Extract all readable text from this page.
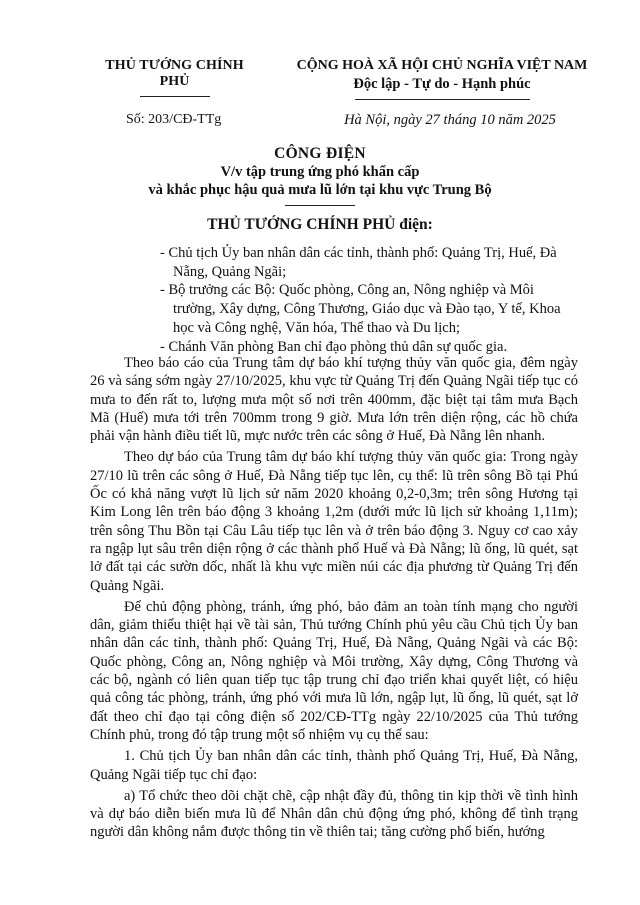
THỦ TƯỚNG CHÍNH PHỦ
CỘNG HOÀ XÃ HỘI CHỦ NGHĨA VIỆT NAM
Độc lập - Tự do - Hạnh phúc
Số: 203/CĐ-TTg	Hà Nội, ngày 27 tháng 10 năm 2025
CÔNG ĐIỆN
V/v tập trung ứng phó khẩn cấp
và khắc phục hậu quả mưa lũ lớn tại khu vực Trung Bộ
THỦ TƯỚNG CHÍNH PHỦ điện:

- Chủ tịch Ủy ban nhân dân các tỉnh, thành phố: Quảng Trị, Huế, Đà Nẵng, Quảng Ngãi;

- Bộ trưởng các Bộ: Quốc phòng, Công an, Nông nghiệp và Môi trường, Xây dựng, Công Thương, Giáo dục và Đào tạo, Y tế, Khoa học và Công nghệ, Văn hóa, Thể thao và Du lịch;

- Chánh Văn phòng Ban chỉ đạo phòng thủ dân sự quốc gia.

Theo báo cáo của Trung tâm dự báo khí tượng thủy văn quốc gia, đêm ngày 26 và sáng sớm ngày 27/10/2025, khu vực từ Quảng Trị đến Quảng Ngãi tiếp tục có mưa to đến rất to, lượng mưa một số nơi trên 400mm, đặc biệt tại tâm mưa Bạch Mã (Huế) mưa tới trên 700mm trong 9 giờ. Mưa lớn trên diện rộng, các hồ chứa phải vận hành điều tiết lũ, mực nước trên các sông ở Huế, Đà Nẵng lên nhanh.

Theo dự báo của Trung tâm dự báo khí tượng thủy văn quốc gia: Trong ngày 27/10 lũ trên các sông ở Huế, Đà Nẵng tiếp tục lên, cụ thể: lũ trên sông Bồ tại Phú Ốc có khả năng vượt lũ lịch sử năm 2020 khoảng 0,2-0,3m; trên sông Hương tại Kim Long lên trên báo động 3 khoảng 1,2m (dưới mức lũ lịch sử khoảng 1,11m); trên sông Thu Bồn tại Câu Lâu tiếp tục lên và ở trên báo động 3. Nguy cơ cao xảy ra ngập lụt sâu trên diện rộng ở các thành phố Huế và Đà Nẵng; lũ ống, lũ quét, sạt lở đất tại các sườn dốc, nhất là khu vực miền núi các địa phương từ Quảng Trị đến Quảng Ngãi.

Để chủ động phòng, tránh, ứng phó, bảo đảm an toàn tính mạng cho người dân, giảm thiểu thiệt hại về tài sản, Thủ tướng Chính phủ yêu cầu Chủ tịch Ủy ban nhân dân các tỉnh, thành phố: Quảng Trị, Huế, Đà Nẵng, Quảng Ngãi và các Bộ: Quốc phòng, Công an, Nông nghiệp và Môi trường, Xây dựng, Công Thương và các bộ, ngành có liên quan tiếp tục tập trung chỉ đạo triển khai quyết liệt, có hiệu quả công tác phòng, tránh, ứng phó với mưa lũ lớn, ngập lụt, lũ ống, lũ quét, sạt lở đất theo chỉ đạo tại công điện số 202/CĐ-TTg ngày 22/10/2025 của Thủ tướng Chính phủ, trong đó tập trung một số nhiệm vụ cụ thể sau:

1. Chủ tịch Ủy ban nhân dân các tỉnh, thành phố Quảng Trị, Huế, Đà Nẵng, Quảng Ngãi tiếp tục chỉ đạo:

a) Tổ chức theo dõi chặt chẽ, cập nhật đầy đủ, thông tin kịp thời về tình hình và dự báo diễn biến mưa lũ để Nhân dân chủ động ứng phó, không để tình trạng người dân không nắm được thông tin về thiên tai; tăng cường phổ biến, hướng
